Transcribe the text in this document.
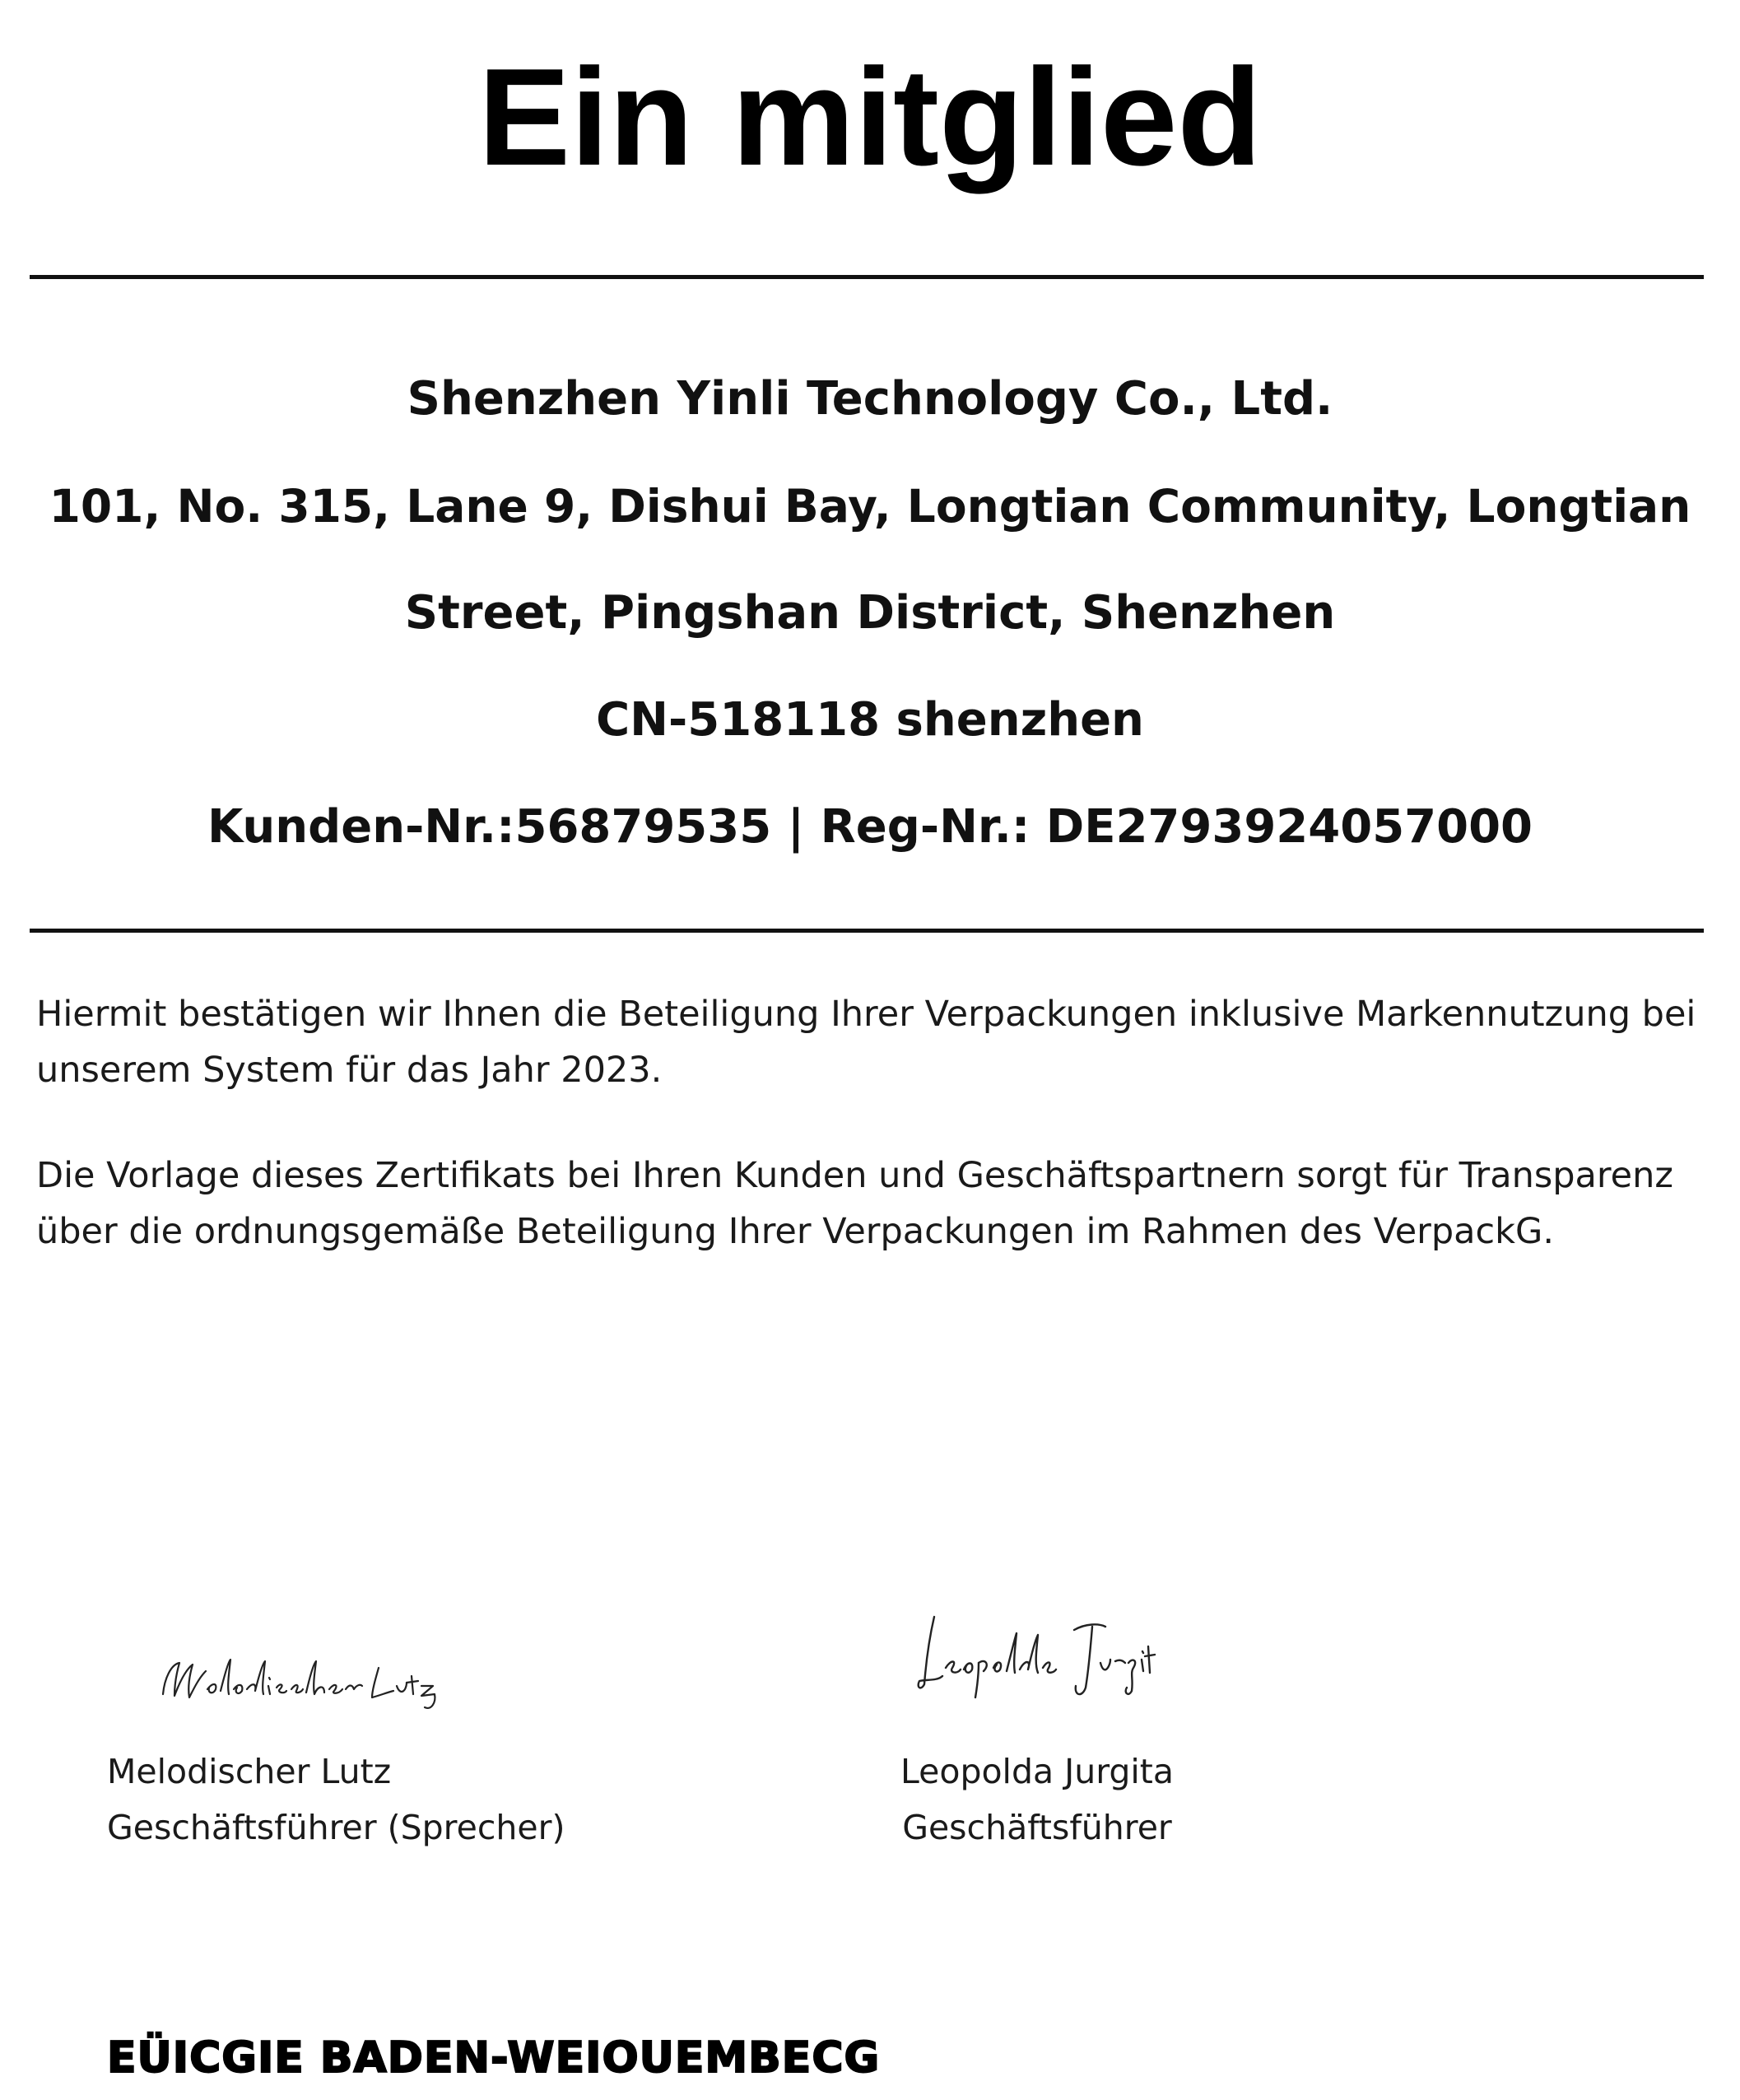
Ein mitglied
Shenzhen Yinli Technology Co., Ltd.
101, No. 315, Lane 9, Dishui Bay, Longtian Community, Longtian
Street, Pingshan District, Shenzhen
CN-518118 shenzhen
Kunden-Nr.:56879535 | Reg-Nr.: DE2793924057000
Hiermit bestätigen wir Ihnen die Beteiligung Ihrer Verpackungen inklusive Markennutzung bei unserem System für das Jahr 2023.
Die Vorlage dieses Zertifikats bei Ihren Kunden und Geschäftspartnern sorgt für Transparenz über die ordnungsgemäße Beteiligung Ihrer Verpackungen im Rahmen des VerpackG.
Melodischer Lutz
Geschäftsführer (Sprecher)
Leopolda Jurgita
Geschäftsführer
EÜICGIE BADEN-WEIOUEMBECG
